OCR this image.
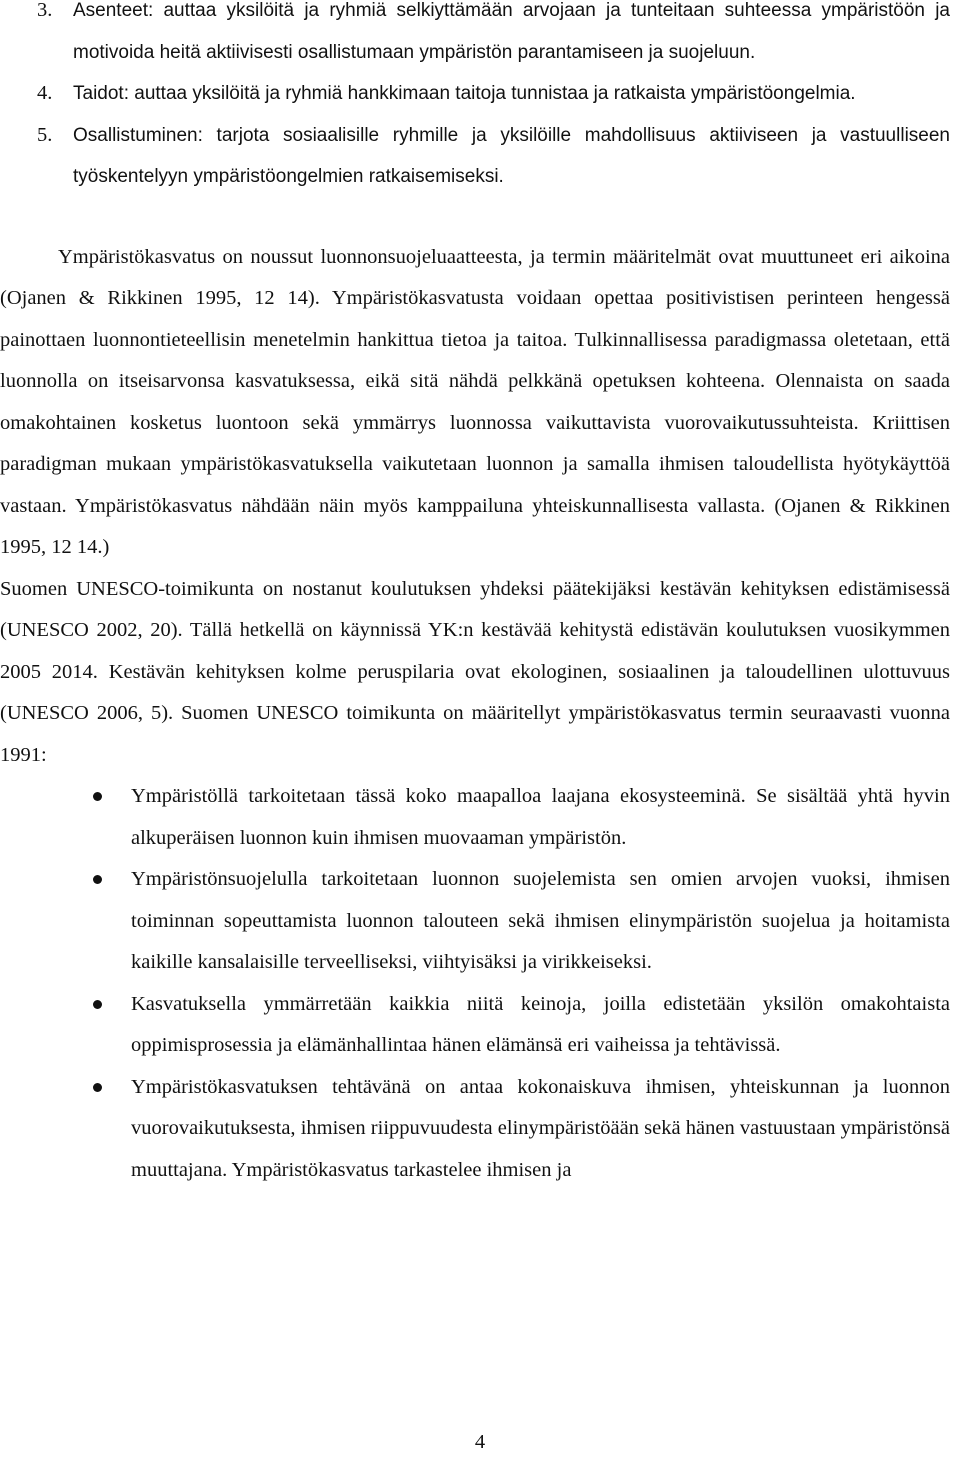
3. Asenteet: auttaa yksilöitä ja ryhmiä selkiyttämään arvojaan ja tunteitaan suhteessa ympäristöön ja motivoida heitä aktiivisesti osallistumaan ympäristön parantamiseen ja suojeluun.
4. Taidot: auttaa yksilöitä ja ryhmiä hankkimaan taitoja tunnistaa ja ratkaista ympäristöongelmia.
5. Osallistuminen: tarjota sosiaalisille ryhmille ja yksilöille mahdollisuus aktiiviseen ja vastuulliseen työskentelyyn ympäristöongelmien ratkaisemiseksi.

Ympäristökasvatus on noussut luonnonsuojeluaatteesta, ja termin määritelmät ovat muuttuneet eri aikoina (Ojanen & Rikkinen 1995, 12 14). Ympäristökasvatusta voidaan opettaa positivistisen perinteen hengessä painottaen luonnontieteellisin menetelmin hankittua tietoa ja taitoa. Tulkinnallisessa paradigmassa oletetaan, että luonnolla on itseisarvonsa kasvatuksessa, eikä sitä nähdä pelkkänä opetuksen kohteena. Olennaista on saada omakohtainen kosketus luontoon sekä ymmärrys luonnossa vaikuttavista vuorovaikutussuhteista. Kriittisen paradigman mukaan ympäristökasvatuksella vaikutetaan luonnon ja samalla ihmisen taloudellista hyötykäyttöä vastaan. Ympäristökasvatus nähdään näin myös kamppailuna yhteiskunnallisesta vallasta. (Ojanen & Rikkinen 1995, 12 14.)

Suomen UNESCO-toimikunta on nostanut koulutuksen yhdeksi päätekijäksi kestävän kehityksen edistämisessä (UNESCO 2002, 20). Tällä hetkellä on käynnissä YK:n kestävää kehitystä edistävän koulutuksen vuosikymmen 2005 2014. Kestävän kehityksen kolme peruspilaria ovat ekologinen, sosiaalinen ja taloudellinen ulottuvuus (UNESCO 2006, 5). Suomen UNESCO toimikunta on määritellyt ympäristökasvatus termin seuraavasti vuonna 1991:

Ympäristöllä tarkoitetaan tässä koko maapalloa laajana ekosysteeminä. Se sisältää yhtä hyvin alkuperäisen luonnon kuin ihmisen muovaaman ympäristön.
Ympäristönsuojelulla tarkoitetaan luonnon suojelemista sen omien arvojen vuoksi, ihmisen toiminnan sopeuttamista luonnon talouteen sekä ihmisen elinympäristön suojelua ja hoitamista kaikille kansalaisille terveelliseksi, viihtyisäksi ja virikkeiseksi.
Kasvatuksella ymmärretään kaikkia niitä keinoja, joilla edistetään yksilön omakohtaista oppimisprosessia ja elämänhallintaa hänen elämänsä eri vaiheissa ja tehtävissä.
Ympäristökasvatuksen tehtävänä on antaa kokonaiskuva ihmisen, yhteiskunnan ja luonnon vuorovaikutuksesta, ihmisen riippuvuudesta elinympäristöään sekä hänen vastuustaan ympäristönsä muuttajana. Ympäristökasvatus tarkastelee ihmisen ja
4
